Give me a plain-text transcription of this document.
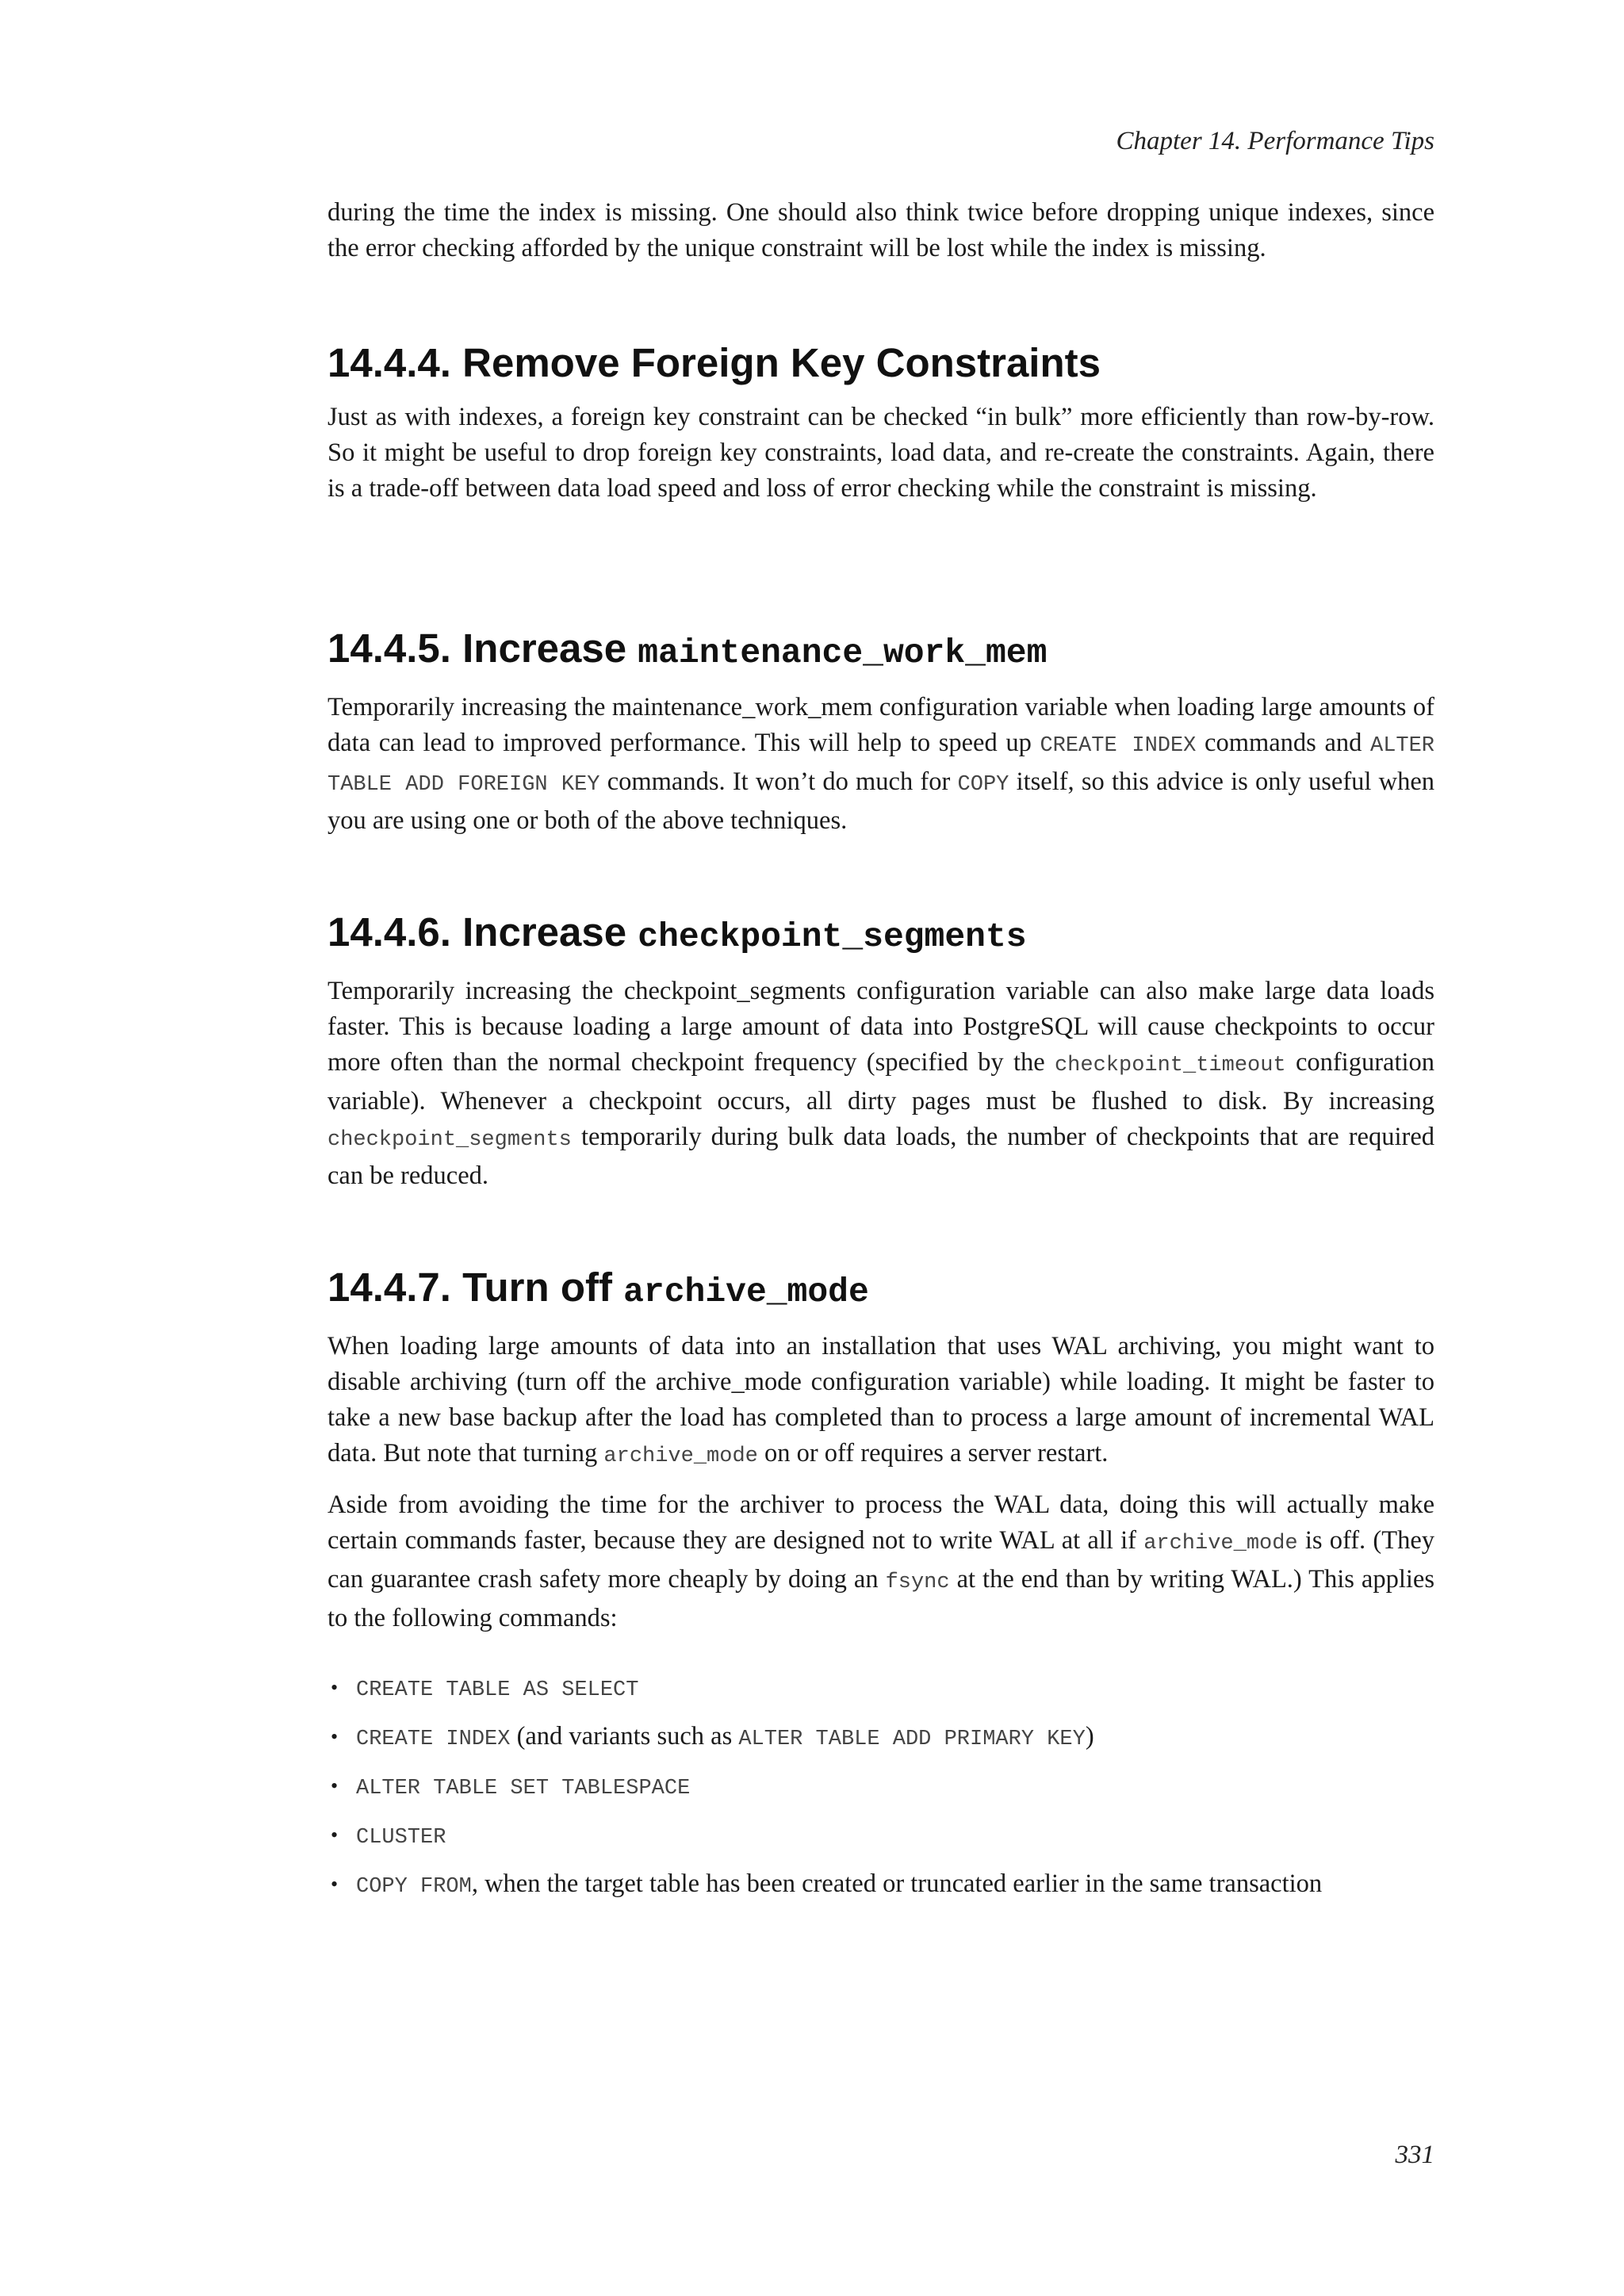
Chapter 14. Performance Tips

during the time the index is missing. One should also think twice before dropping unique indexes, since the error checking afforded by the unique constraint will be lost while the index is missing.

14.4.4. Remove Foreign Key Constraints

Just as with indexes, a foreign key constraint can be checked “in bulk” more efficiently than row-by-row. So it might be useful to drop foreign key constraints, load data, and re-create the constraints. Again, there is a trade-off between data load speed and loss of error checking while the constraint is missing.

14.4.5. Increase maintenance_work_mem

Temporarily increasing the maintenance_work_mem configuration variable when loading large amounts of data can lead to improved performance. This will help to speed up CREATE INDEX commands and ALTER TABLE ADD FOREIGN KEY commands. It won’t do much for COPY itself, so this advice is only useful when you are using one or both of the above techniques.

14.4.6. Increase checkpoint_segments

Temporarily increasing the checkpoint_segments configuration variable can also make large data loads faster. This is because loading a large amount of data into PostgreSQL will cause checkpoints to occur more often than the normal checkpoint frequency (specified by the checkpoint_timeout configuration variable). Whenever a checkpoint occurs, all dirty pages must be flushed to disk. By increasing checkpoint_segments temporarily during bulk data loads, the number of checkpoints that are required can be reduced.

14.4.7. Turn off archive_mode

When loading large amounts of data into an installation that uses WAL archiving, you might want to disable archiving (turn off the archive_mode configuration variable) while loading. It might be faster to take a new base backup after the load has completed than to process a large amount of incremental WAL data. But note that turning archive_mode on or off requires a server restart.

Aside from avoiding the time for the archiver to process the WAL data, doing this will actually make certain commands faster, because they are designed not to write WAL at all if archive_mode is off. (They can guarantee crash safety more cheaply by doing an fsync at the end than by writing WAL.) This applies to the following commands:

• CREATE TABLE AS SELECT
• CREATE INDEX (and variants such as ALTER TABLE ADD PRIMARY KEY)
• ALTER TABLE SET TABLESPACE
• CLUSTER
• COPY FROM, when the target table has been created or truncated earlier in the same transaction
331
